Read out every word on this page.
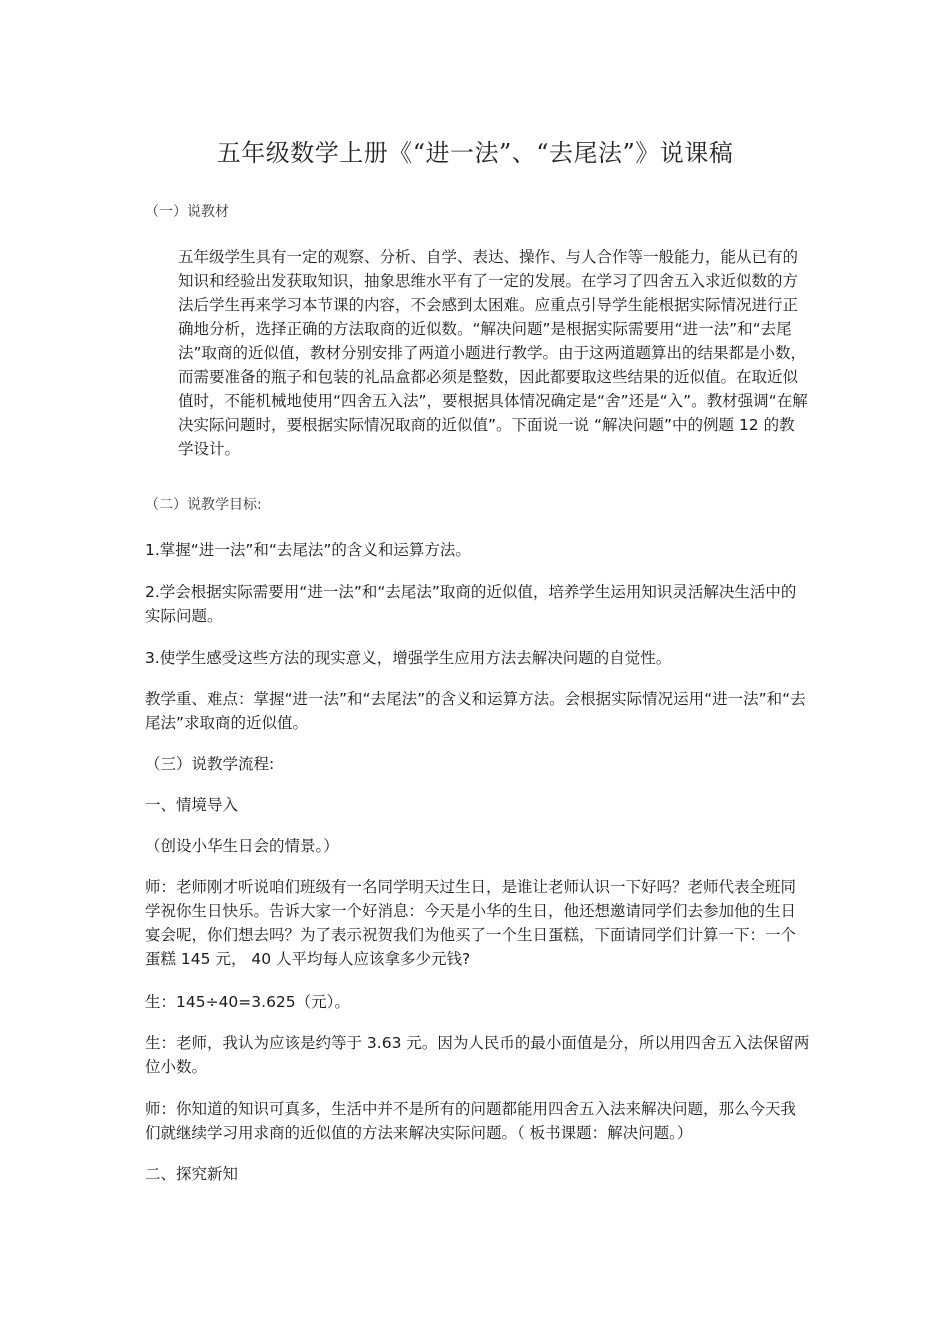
五年级数学上册《“进一法”、“去尾法”》说课稿
（一）说教材

五年级学生具有一定的观察、分析、自学、表达、操作、与人合作等一般能力，能从已有的知识和经验出发获取知识，抽象思维水平有了一定的发展。在学习了四舍五入求近似数的方法后学生再来学习本节课的内容，不会感到太困难。应重点引导学生能根据实际情况进行正确地分析，选择正确的方法取商的近似数。“解决问题”是根据实际需要用“进一法”和“去尾法”取商的近似值，教材分别安排了两道小题进行教学。由于这两道题算出的结果都是小数，而需要准备的瓶子和包装的礼品盒都必须是整数，因此都要取这些结果的近似值。在取近似值时，不能机械地使用“四舍五入法”，要根据具体情况确定是“舍”还是“入”。教材强调“在解决实际问题时，要根据实际情况取商的近似值”。下面说一说 “解决问题”中的例题 12 的教学设计。

（二）说教学目标:

1.掌握“进一法”和“去尾法”的含义和运算方法。

2.学会根据实际需要用“进一法”和“去尾法”取商的近似值，培养学生运用知识灵活解决生活中的实际问题。

3.使学生感受这些方法的现实意义，增强学生应用方法去解决问题的自觉性。

教学重、难点：掌握“进一法”和“去尾法”的含义和运算方法。会根据实际情况运用“进一法”和“去尾法”求取商的近似值。

（三）说教学流程:

一、情境导入

（创设小华生日会的情景。）

师：老师刚才听说咱们班级有一名同学明天过生日，是谁让老师认识一下好吗？老师代表全班同学祝你生日快乐。告诉大家一个好消息：今天是小华的生日，他还想邀请同学们去参加他的生日宴会呢，你们想去吗？为了表示祝贺我们为他买了一个生日蛋糕，下面请同学们计算一下：一个蛋糕 145 元， 40 人平均每人应该拿多少元钱?

生：145÷40=3.625（元）。

生：老师，我认为应该是约等于 3.63 元。因为人民币的最小面值是分，所以用四舍五入法保留两位小数。

师：你知道的知识可真多，生活中并不是所有的问题都能用四舍五入法来解决问题，那么今天我们就继续学习用求商的近似值的方法来解决实际问题。（ 板书课题：解决问题。）

二、探究新知
